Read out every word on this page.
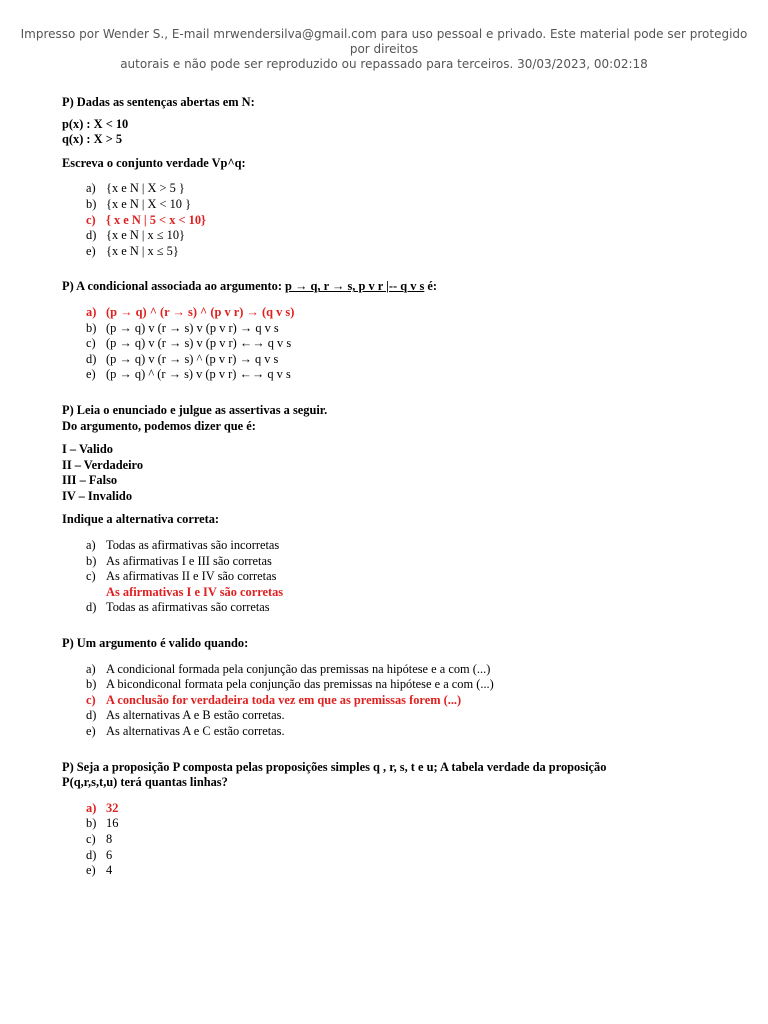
Impresso por Wender S., E-mail mrwendersilva@gmail.com para uso pessoal e privado. Este material pode ser protegido por direitos
autorais e não pode ser reproduzido ou repassado para terceiros. 30/03/2023, 00:02:18
P) Dadas as sentenças abertas em N:
p(x) : X < 10
q(x) : X > 5
Escreva o conjunto verdade Vp^q:
a) {x e N | X > 5 }
b) {x e N | X < 10 }
c) { x e N | 5 < x < 10}
d) {x e N | x ≤ 10}
e) {x e N | x ≤ 5}
P) A condicional associada ao argumento: p → q, r → s, p v r |-- q v s é:
a) (p → q) ^ (r → s) ^ (p v r) → (q v s)
b) (p → q) v (r → s) v (p v r) → q v s
c) (p → q) v (r → s) v (p v r) ←→ q v s
d) (p → q) v (r → s) ^ (p v r) → q v s
e) (p → q) ^ (r → s) v (p v r) ←→ q v s
P) Leia o enunciado e julgue as assertivas a seguir.
Do argumento, podemos dizer que é:
I – Valido
II – Verdadeiro
III – Falso
IV – Invalido
Indique a alternativa correta:
a) Todas as afirmativas são incorretas
b) As afirmativas I e III são corretas
c) As afirmativas II e IV são corretas
As afirmativas I e IV são corretas
d) Todas as afirmativas são corretas
P) Um argumento é valido quando:
a) A condicional formada pela conjunção das premissas na hipótese e a com (...)
b) A bicondiconal formata pela conjunção das premissas na hipótese e a com (...)
c) A conclusão for verdadeira toda vez em que as premissas forem (...)
d) As alternativas A e B estão corretas.
e) As alternativas A e C estão corretas.
P) Seja a proposição P composta pelas proposições simples q , r, s, t e u; A tabela verdade da proposição
P(q,r,s,t,u) terá quantas linhas?
a) 32
b) 16
c) 8
d) 6
e) 4
